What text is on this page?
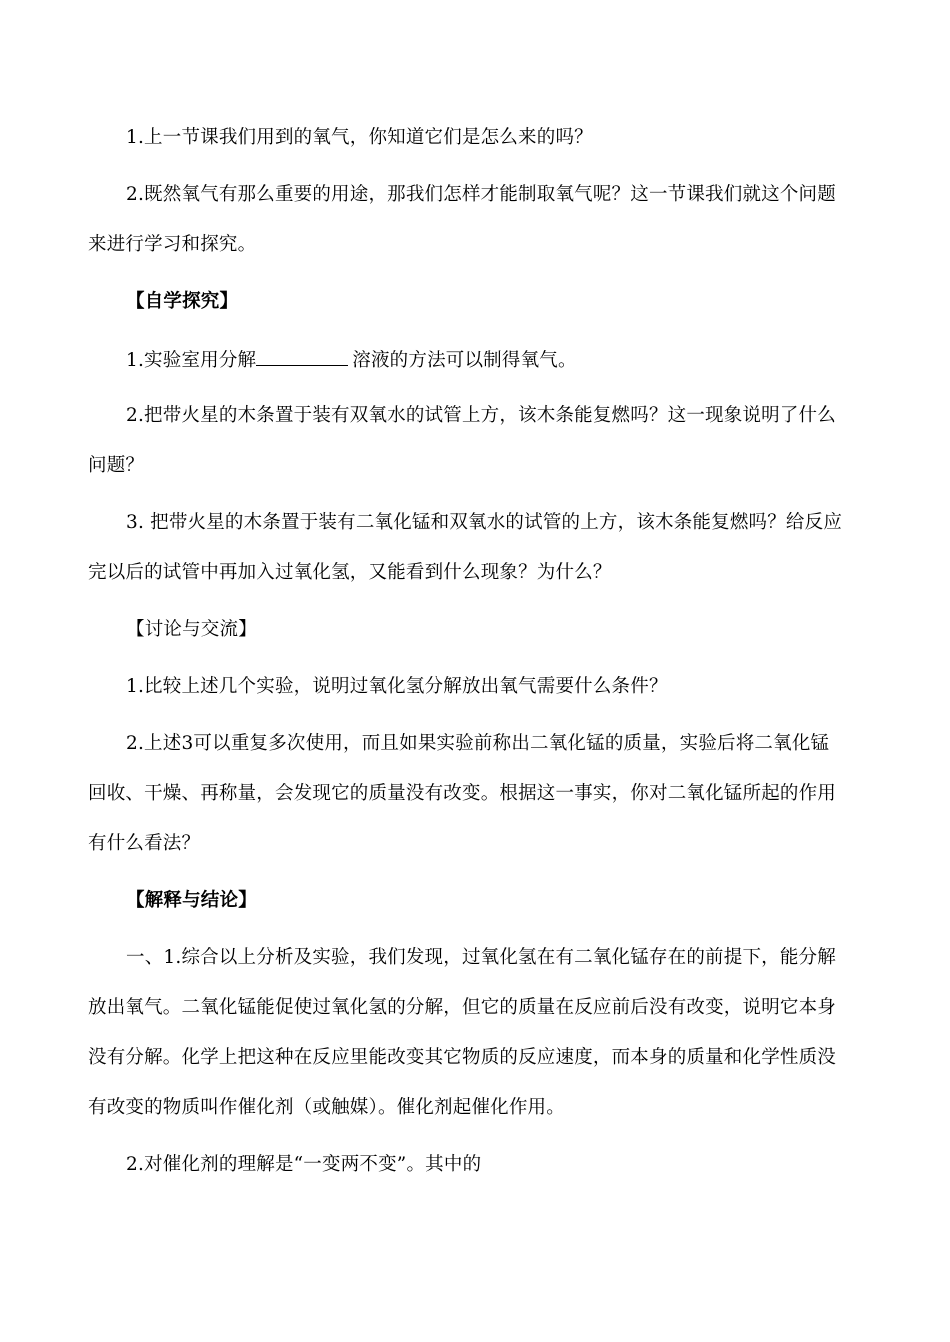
1.上一节课我们用到的氧气，你知道它们是怎么来的吗？
2.既然氧气有那么重要的用途，那我们怎样才能制取氧气呢？这一节课我们就这个问题
来进行学习和探究。
【自学探究】
1.实验室用分解	溶液的方法可以制得氧气。
2.把带火星的木条置于装有双氧水的试管上方，该木条能复燃吗？这一现象说明了什么
问题？
3. 把带火星的木条置于装有二氧化锰和双氧水的试管的上方，该木条能复燃吗？给反应
完以后的试管中再加入过氧化氢，又能看到什么现象？为什么？
【讨论与交流】
1.比较上述几个实验，说明过氧化氢分解放出氧气需要什么条件？
2.上述3可以重复多次使用，而且如果实验前称出二氧化锰的质量，实验后将二氧化锰
回收、干燥、再称量，会发现它的质量没有改变。根据这一事实，你对二氧化锰所起的作用
有什么看法？
【解释与结论】
一、1.综合以上分析及实验，我们发现，过氧化氢在有二氧化锰存在的前提下，能分解
放出氧气。二氧化锰能促使过氧化氢的分解，但它的质量在反应前后没有改变，说明它本身
没有分解。化学上把这种在反应里能改变其它物质的反应速度，而本身的质量和化学性质没
有改变的物质叫作催化剂（或触媒）。催化剂起催化作用。
2.对催化剂的理解是“一变两不变”。其中的
